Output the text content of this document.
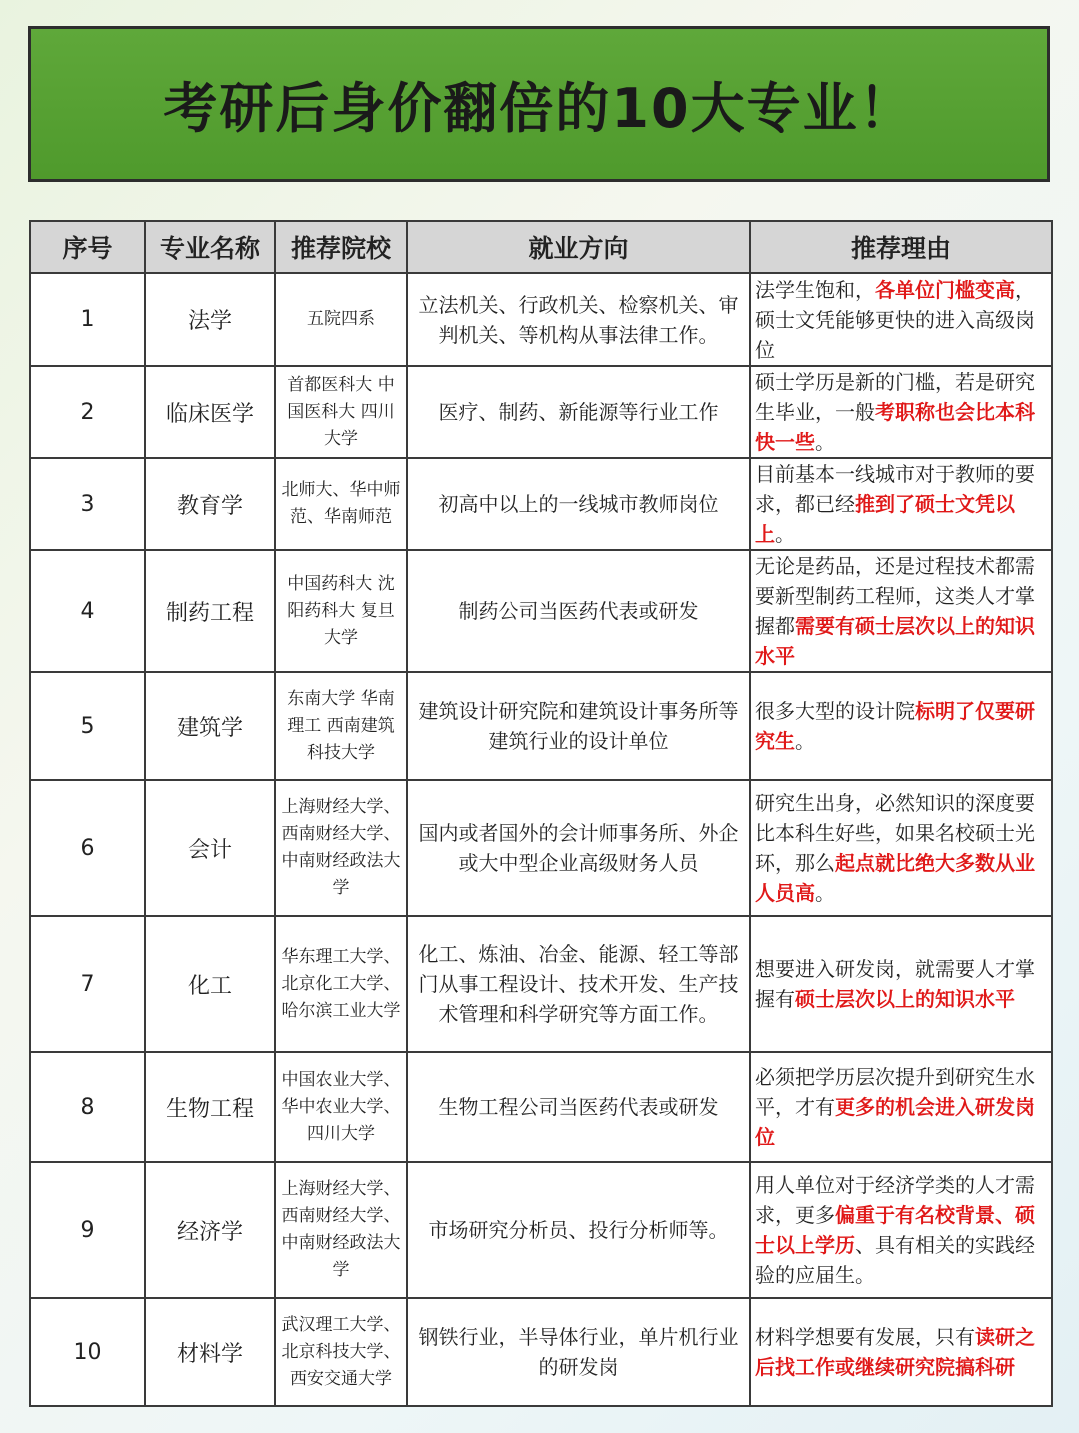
考研后身价翻倍的10大专业！
序号	专业名称	推荐院校	就业方向	推荐理由
1	法学	五院四系	立法机关、行政机关、检察机关、审判机关、等机构从事法律工作。	法学生饱和，各单位门槛变高，硕士文凭能够更快的进入高级岗位
2	临床医学	首都医科大 中国医科大 四川大学	医疗、制药、新能源等行业工作	硕士学历是新的门槛，若是研究生毕业，一般考职称也会比本科快一些。
3	教育学	北师大、华中师范、华南师范	初高中以上的一线城市教师岗位	目前基本一线城市对于教师的要求，都已经推到了硕士文凭以上。
4	制药工程	中国药科大 沈阳药科大 复旦大学	制药公司当医药代表或研发	无论是药品，还是过程技术都需要新型制药工程师，这类人才掌握都需要有硕士层次以上的知识水平
5	建筑学	东南大学 华南理工 西南建筑科技大学	建筑设计研究院和建筑设计事务所等建筑行业的设计单位	很多大型的设计院标明了仅要研究生。
6	会计	上海财经大学、西南财经大学、中南财经政法大学	国内或者国外的会计师事务所、外企或大中型企业高级财务人员	研究生出身，必然知识的深度要比本科生好些，如果名校硕士光环，那么起点就比绝大多数从业人员高。
7	化工	华东理工大学、北京化工大学、哈尔滨工业大学	化工、炼油、冶金、能源、轻工等部门从事工程设计、技术开发、生产技术管理和科学研究等方面工作。	想要进入研发岗，就需要人才掌握有硕士层次以上的知识水平
8	生物工程	中国农业大学、华中农业大学、四川大学	生物工程公司当医药代表或研发	必须把学历层次提升到研究生水平，才有更多的机会进入研发岗位
9	经济学	上海财经大学、西南财经大学、中南财经政法大学	市场研究分析员、投行分析师等。	用人单位对于经济学类的人才需求，更多偏重于有名校背景、硕士以上学历、具有相关的实践经验的应届生。
10	材料学	武汉理工大学、北京科技大学、西安交通大学	钢铁行业，半导体行业，单片机行业的研发岗	材料学想要有发展，只有读研之后找工作或继续研究院搞科研
